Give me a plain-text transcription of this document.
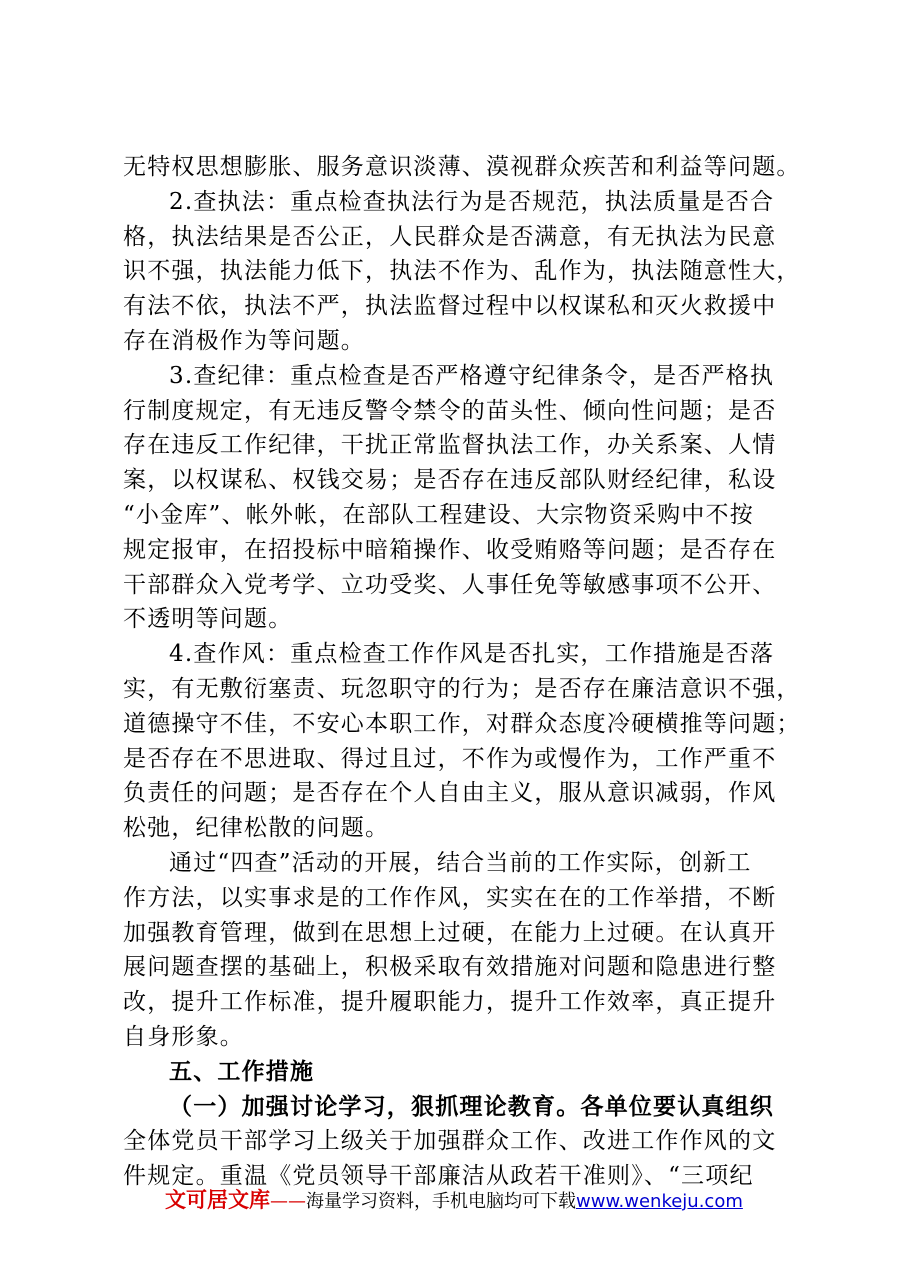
无特权思想膨胀、服务意识淡薄、漠视群众疾苦和利益等问题。
2.查执法：重点检查执法行为是否规范，执法质量是否合
格，执法结果是否公正，人民群众是否满意，有无执法为民意
识不强，执法能力低下，执法不作为、乱作为，执法随意性大，
有法不依，执法不严，执法监督过程中以权谋私和灭火救援中
存在消极作为等问题。
3.查纪律：重点检查是否严格遵守纪律条令，是否严格执
行制度规定，有无违反警令禁令的苗头性、倾向性问题；是否
存在违反工作纪律，干扰正常监督执法工作，办关系案、人情
案，以权谋私、权钱交易；是否存在违反部队财经纪律，私设
“小金库”、帐外帐，在部队工程建设、大宗物资采购中不按
规定报审，在招投标中暗箱操作、收受贿赂等问题；是否存在
干部群众入党考学、立功受奖、人事任免等敏感事项不公开、
不透明等问题。
4.查作风：重点检查工作作风是否扎实，工作措施是否落
实，有无敷衍塞责、玩忽职守的行为；是否存在廉洁意识不强，
道德操守不佳，不安心本职工作，对群众态度冷硬横推等问题；
是否存在不思进取、得过且过，不作为或慢作为，工作严重不
负责任的问题；是否存在个人自由主义，服从意识减弱，作风
松弛，纪律松散的问题。
通过“四查”活动的开展，结合当前的工作实际，创新工
作方法，以实事求是的工作作风，实实在在的工作举措，不断
加强教育管理，做到在思想上过硬，在能力上过硬。在认真开
展问题查摆的基础上，积极采取有效措施对问题和隐患进行整
改，提升工作标准，提升履职能力，提升工作效率，真正提升
自身形象。
五、工作措施
（一）加强讨论学习，狠抓理论教育。各单位要认真组织
全体党员干部学习上级关于加强群众工作、改进工作作风的文
件规定。重温《党员领导干部廉洁从政若干准则》、“三项纪
文可居文库——海量学习资料，手机电脑均可下载www.wenkeju.com
